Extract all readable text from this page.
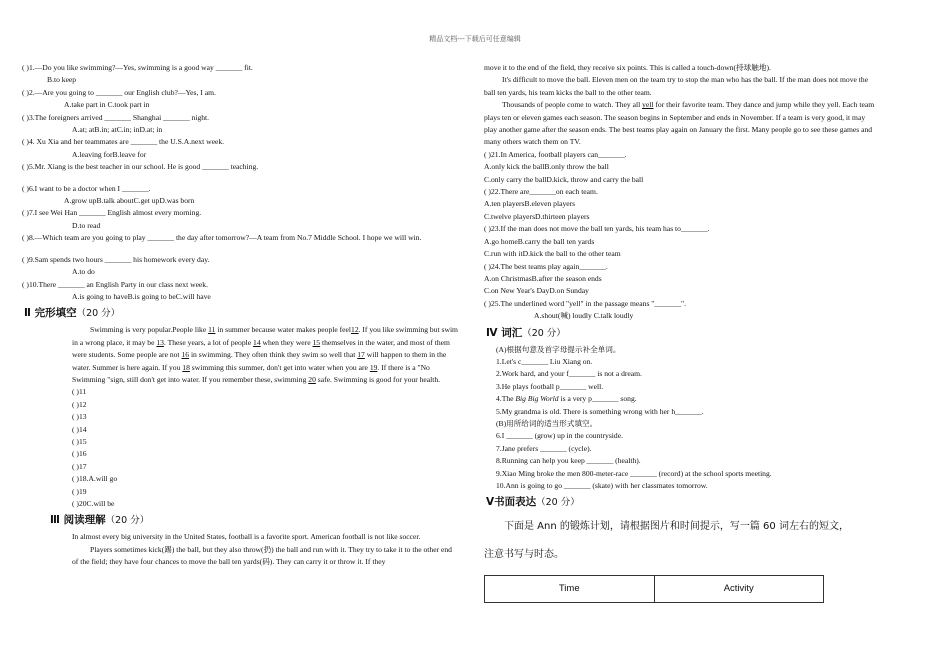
精品文档---下载后可任意编辑
( )1.—Do you like swimming?—Yes, swimming is a good way _______ fit.
B.to keep
( )2.—Are you going to _______ our English club?—Yes, I am.
A.take part in C.took part in
( )3.The foreigners arrived _______ Shanghai _______ night.
A.at; atB.in; atC.in; inD.at; in
( )4. Xu Xia and her teammates are _______ the U.S.A.next week.
A.leaving forB.leave for
( )5.Mr. Xiang is the best teacher in our school. He is good _______ teaching.
( )6.I want to be a doctor when I _______.
A.grow upB.talk aboutC.get upD.was born
( )7.I see Wei Han _______ English almost every morning.
D.to read
( )8.—Which team are you going to play _______ the day after tomorrow?—A team from No.7 Middle School. I hope we will win.
( )9.Sam spends two hours _______ his homework every day.
A.to do
( )10.There _______ an English Party in our class next week.
A.is going to haveB.is going to beC.will have
Ⅱ 完形填空（20 分）
Swimming is very popular.People like 11 in summer because water makes people feel12. If you like swimming but swim in a wrong place, it may be 13. These years, a lot of people 14 when they were 15 themselves in the water, and most of them were students. Some people are not 16 in swimming. They often think they swim so well that 17 will happen to them in the water. Summer is here again. If you 18 swimming this summer, don't get into water when you are 19. If there is a "No Swimming "sign, still don't get into water. If you remember these, swimming 20 safe. Swimming is good for your health.
( )11
( )12
( )13
( )14
( )15
( )16
( )17
( )18.A.will go
( )19
( )20C.will be
Ⅲ 阅读理解（20 分）
In almost every big university in the United States, football is a favorite sport. American football is not like soccer.
Players sometimes kick(踢) the ball, but they also throw(扔) the ball and run with it. They try to take it to the other end of the field; they have four chances to move the ball ten yards(码). They can carry it or throw it. If they
move it to the end of the field, they receive six points. This is called a touch-down(持球触地).
It's difficult to move the ball. Eleven men on the team try to stop the man who has the ball. If the man does not move the ball ten yards, his team kicks the ball to the other team.
Thousands of people come to watch. They all yell for their favorite team. They dance and jump while they yell. Each team plays ten or eleven games each season. The season begins in September and ends in November. If a team is very good, it may play another game after the season ends. The best teams play again on January the first. Many people go to see these games and many others watch them on TV.
( )21.In America, football players can_______.
A.only kick the ballB.only throw the ball
C.only carry the ballD.kick, throw and carry the ball
( )22.There are_______on each team.
A.ten playersB.eleven players
C.twelve playersD.thirteen players
( )23.If the man does not move the ball ten yards, his team has to_______.
A.go homeB.carry the ball ten yards
C.run with itD.kick the ball to the other team
( )24.The best teams play again_______.
A.on ChristmasB.after the season ends
C.on New Year's DayD.on Sunday
( )25.The underlined word "yell" in the passage means "_______".
A.shout(喊) loudly C.talk loudly
Ⅳ 词汇（20 分）
(A)根据句意及首字母提示补全单词。
1.Let's c_______ Liu Xiang on.
2.Work hard, and your f_______ is not a dream.
3.He plays football p_______ well.
4.The Big Big World is a very p_______ song.
5.My grandma is old. There is something wrong with her h_______.
(B)用所给词的适当形式填空。
6.I _______ (grow) up in the countryside.
7.Jane prefers _______ (cycle).
8.Running can help you keep _______ (health).
9.Xiao Ming broke the men 800-meter-race _______ (record) at the school sports meeting.
10.Ann is going to go _______ (skate) with her classmates tomorrow.
Ⅴ书面表达（20 分）
下面是 Ann 的锻炼计划，请根据图片和时间提示，写一篇 60 词左右的短文，
注意书写与时态。
Time	Activity
